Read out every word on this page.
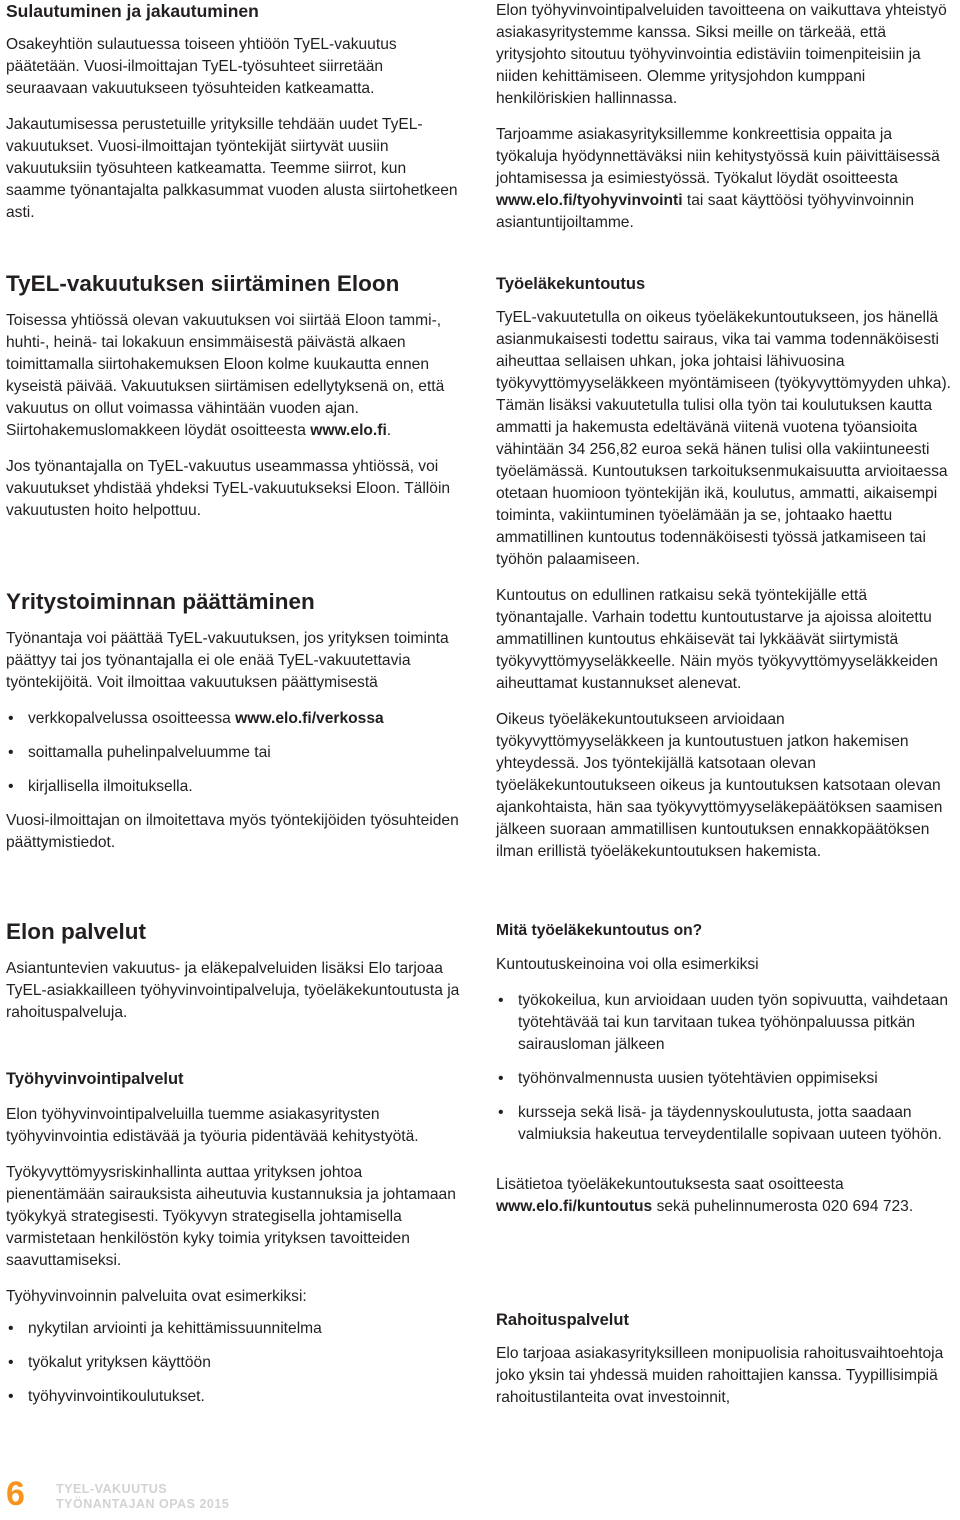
Sulautuminen ja jakautuminen

Osakeyhtiön sulautuessa toiseen yhtiöön TyEL-vakuutus päätetään. Vuosi-ilmoittajan TyEL-työsuhteet siirretään seuraavaan vakuutukseen työsuhteiden katkeamatta.

Jakautumisessa perustetuille yrityksille tehdään uudet TyEL-vakuutukset. Vuosi-ilmoittajan työntekijät siirtyvät uusiin vakuutuksiin työsuhteen katkeamatta. Teemme siirrot, kun saamme työnantajalta palkkasummat vuoden alusta siirtohetkeen asti.

TyEL-vakuutuksen siirtäminen Eloon

Toisessa yhtiössä olevan vakuutuksen voi siirtää Eloon tammi-, huhti-, heinä- tai lokakuun ensimmäisestä päivästä alkaen toimittamalla siirtohakemuksen Eloon kolme kuukautta ennen kyseistä päivää. Vakuutuksen siirtämisen edellytyksenä on, että vakuutus on ollut voimassa vähintään vuoden ajan. Siirtohakemuslomakkeen löydät osoitteesta www.elo.fi.

Jos työnantajalla on TyEL-vakuutus useammassa yhtiössä, voi vakuutukset yhdistää yhdeksi TyEL-vakuutukseksi Eloon. Tällöin vakuutusten hoito helpottuu.

Yritystoiminnan päättäminen

Työnantaja voi päättää TyEL-vakuutuksen, jos yrityksen toiminta päättyy tai jos työnantajalla ei ole enää TyEL-vakuutettavia työntekijöitä. Voit ilmoittaa vakuutuksen päättymisestä

• verkkopalvelussa osoitteessa www.elo.fi/verkossa
• soittamalla puhelinpalveluumme tai
• kirjallisella ilmoituksella.

Vuosi-ilmoittajan on ilmoitettava myös työntekijöiden työsuhteiden päättymistiedot.

Elon palvelut

Asiantuntevien vakuutus- ja eläkepalveluiden lisäksi Elo tarjoaa TyEL-asiakkailleen työhyvinvointipalveluja, työeläkekuntoutusta ja rahoituspalveluja.

Työhyvinvointipalvelut

Elon työhyvinvointipalveluilla tuemme asiakasyritysten työhyvinvointia edistävää ja työuria pidentävää kehitystyötä.

Työkyvyttömyysriskinhallinta auttaa yrityksen johtoa pienentämään sairauksista aiheutuvia kustannuksia ja johtamaan työkykyä strategisesti. Työkyvyn strategisella johtamisella varmistetaan henkilöstön kyky toimia yrityksen tavoitteiden saavuttamiseksi.

Työhyvinvoinnin palveluita ovat esimerkiksi:

• nykytilan arviointi ja kehittämissuunnitelma
• työkalut yrityksen käyttöön
• työhyvinvointikoulutukset.

Elon työhyvinvointipalveluiden tavoitteena on vaikuttava yhteistyö asiakasyritystemme kanssa. Siksi meille on tärkeää, että yritysjohto sitoutuu työhyvinvointia edistäviin toimenpiteisiin ja niiden kehittämiseen. Olemme yritysjohdon kumppani henkilöriskien hallinnassa.

Tarjoamme asiakasyrityksillemme konkreettisia oppaita ja työkaluja hyödynnettäväksi niin kehitystyössä kuin päivittäisessä johtamisessa ja esimiestyössä. Työkalut löydät osoitteesta www.elo.fi/tyohyvinvointi tai saat käyttöösi työhyvinvoinnin asiantuntijoiltamme.

Työeläkekuntoutus

TyEL-vakuutetulla on oikeus työeläkekuntoutukseen, jos hänellä asianmukaisesti todettu sairaus, vika tai vamma todennäköisesti aiheuttaa sellaisen uhkan, joka johtaisi lähivuosina työkyvyttömyyseläkkeen myöntämiseen (työkyvyttömyyden uhka). Tämän lisäksi vakuutetulla tulisi olla työn tai koulutuksen kautta ammatti ja hakemusta edeltävänä viitenä vuotena työansioita vähintään 34 256,82 euroa sekä hänen tulisi olla vakiintuneesti työelämässä. Kuntoutuksen tarkoituksenmukaisuutta arvioitaessa otetaan huomioon työntekijän ikä, koulutus, ammatti, aikaisempi toiminta, vakiintuminen työelämään ja se, johtaako haettu ammatillinen kuntoutus todennäköisesti työssä jatkamiseen tai työhön palaamiseen.

Kuntoutus on edullinen ratkaisu sekä työntekijälle että työnantajalle. Varhain todettu kuntoutustarve ja ajoissa aloitettu ammatillinen kuntoutus ehkäisevät tai lykkäävät siirtymistä työkyvyttömyyseläkkeelle. Näin myös työkyvyttömyyseläkkeiden aiheuttamat kustannukset alenevat.

Oikeus työeläkekuntoutukseen arvioidaan työkyvyttömyyseläkkeen ja kuntoutustuen jatkon hakemisen yhteydessä. Jos työntekijällä katsotaan olevan työeläkekuntoutukseen oikeus ja kuntoutuksen katsotaan olevan ajankohtaista, hän saa työkyvyttömyyseläkepäätöksen saamisen jälkeen suoraan ammatillisen kuntoutuksen ennakkopäätöksen ilman erillistä työeläkekuntoutuksen hakemista.

Mitä työeläkekuntoutus on?

Kuntoutuskeinoina voi olla esimerkiksi

• työkokeilua, kun arvioidaan uuden työn sopivuutta, vaihdetaan työtehtävää tai kun tarvitaan tukea työhönpaluussa pitkän sairausloman jälkeen
• työhönvalmennusta uusien työtehtävien oppimiseksi
• kursseja sekä lisä- ja täydennyskoulutusta, jotta saadaan valmiuksia hakeutua terveydentilalle sopivaan uuteen työhön.

Lisätietoa työeläkekuntoutuksesta saat osoitteesta www.elo.fi/kuntoutus sekä puhelinnumerosta 020 694 723.

Rahoituspalvelut

Elo tarjoaa asiakasyrityksilleen monipuolisia rahoitusvaihtoehtoja joko yksin tai yhdessä muiden rahoittajien kanssa. Tyypillisimpiä rahoitustilanteita ovat investoinnit,

6 TYEL-VAKUUTUS
TYÖNANTAJAN OPAS 2015
